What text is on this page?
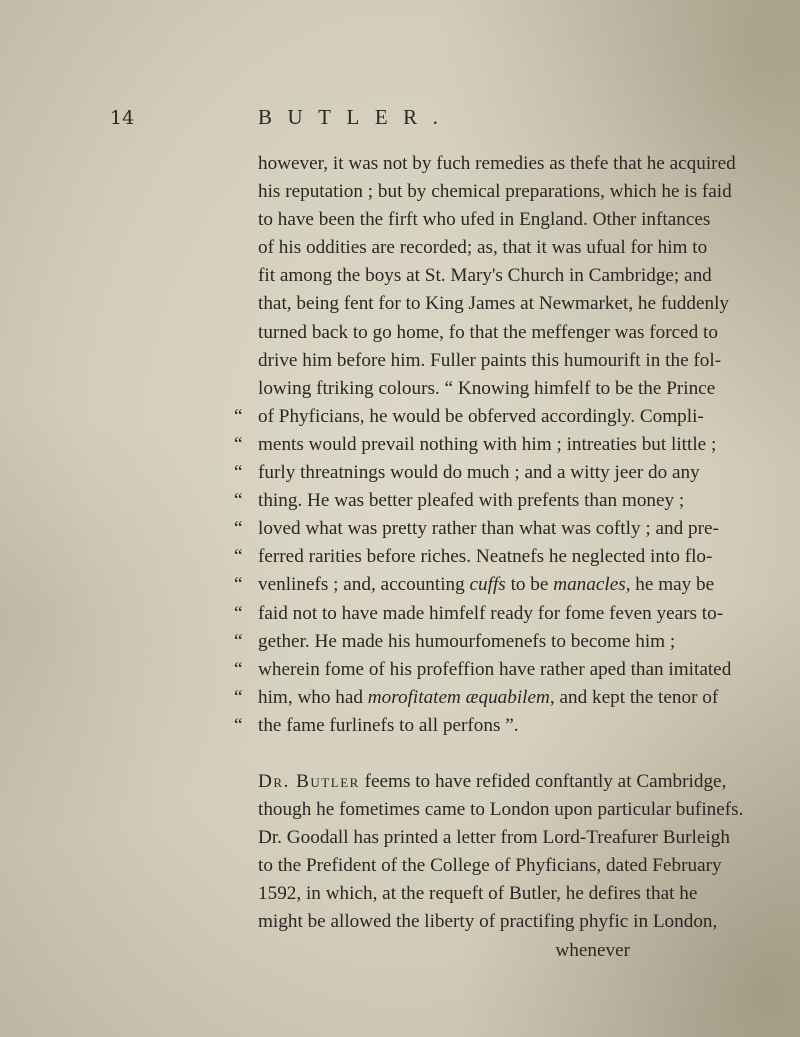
14	BUTLER.
however, it was not by fuch remedies as thefe that he acquired
his reputation ; but by chemical preparations, which he is faid
to have been the firft who ufed in England. Other inftances
of his oddities are recorded; as, that it was ufual for him to
fit among the boys at St. Mary's Church in Cambridge; and
that, being fent for to King James at Newmarket, he fuddenly
turned back to go home, fo that the meffenger was forced to
drive him before him. Fuller paints this humourift in the fol-
lowing ftriking colours. “ Knowing himfelf to be the Prince
“ of Phyficians, he would be obferved accordingly. Compli-
“ ments would prevail nothing with him ; intreaties but little ;
“ furly threatnings would do much ; and a witty jeer do any
“ thing. He was better pleafed with prefents than money ;
“ loved what was pretty rather than what was coftly ; and pre-
“ ferred rarities before riches. Neatnefs he neglected into flo-
“ venlinefs ; and, accounting cuffs to be manacles, he may be
“ faid not to have made himfelf ready for fome feven years to-
“ gether. He made his humourfomenefs to become him ;
“ wherein fome of his profeffion have rather aped than imitated
“ him, who had morofitatem æquabilem, and kept the tenor of
“ the fame furlinefs to all perfons ”.
Dr. Butler feems to have refided conftantly at Cambridge,
though he fometimes came to London upon particular bufinefs.
Dr. Goodall has printed a letter from Lord-Treafurer Burleigh
to the Prefident of the College of Phyficians, dated February
1592, in which, at the requeft of Butler, he defires that he
might be allowed the liberty of practifing phyfic in London,
whenever
